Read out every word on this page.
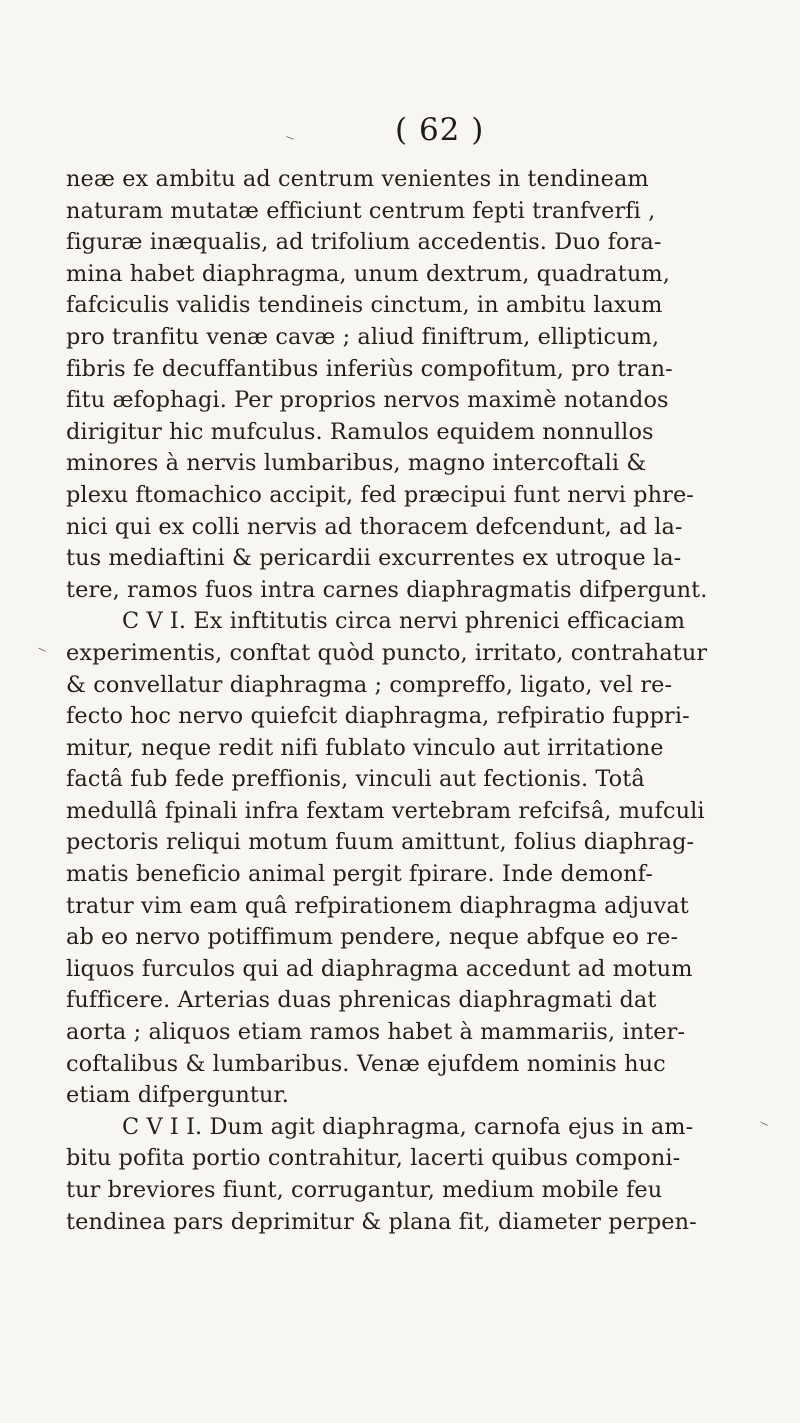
( 62 )
⸌
⸌
⸌
neæ ex ambitu ad centrum venientes in tendineam
naturam mutatæ efficiunt centrum fepti tranfverfi ,
figuræ inæqualis, ad trifolium accedentis. Duo fora-
mina habet diaphragma, unum dextrum, quadratum,
fafciculis validis tendineis cinctum, in ambitu laxum
pro tranfitu venæ cavæ ; aliud finiftrum, ellipticum,
fibris fe decuffantibus inferiùs compofitum, pro tran-
fitu æfophagi. Per proprios nervos maximè notandos
dirigitur hic mufculus. Ramulos equidem nonnullos
minores à nervis lumbaribus, magno intercoftali &
plexu ftomachico accipit, fed præcipui funt nervi phre-
nici qui ex colli nervis ad thoracem defcendunt, ad la-
tus mediaftini & pericardii excurrentes ex utroque la-
tere, ramos fuos intra carnes diaphragmatis difpergunt.
C V I. Ex inftitutis circa nervi phrenici efficaciam
experimentis, conftat quòd puncto, irritato, contrahatur
& convellatur diaphragma ; compreffo, ligato, vel re-
fecto hoc nervo quiefcit diaphragma, refpiratio fuppri-
mitur, neque redit nifi fublato vinculo aut irritatione
factâ fub fede preffionis, vinculi aut fectionis. Totâ
medullâ fpinali infra fextam vertebram refcifsâ, mufculi
pectoris reliqui motum fuum amittunt, folius diaphrag-
matis beneficio animal pergit fpirare. Inde demonf-
tratur vim eam quâ refpirationem diaphragma adjuvat
ab eo nervo potiffimum pendere, neque abfque eo re-
liquos furculos qui ad diaphragma accedunt ad motum
fufficere. Arterias duas phrenicas diaphragmati dat
aorta ; aliquos etiam ramos habet à mammariis, inter-
coftalibus & lumbaribus. Venæ ejufdem nominis huc
etiam difperguntur.
C V I I. Dum agit diaphragma, carnofa ejus in am-
bitu pofita portio contrahitur, lacerti quibus componi-
tur breviores fiunt, corrugantur, medium mobile feu
tendinea pars deprimitur & plana fit, diameter perpen-
